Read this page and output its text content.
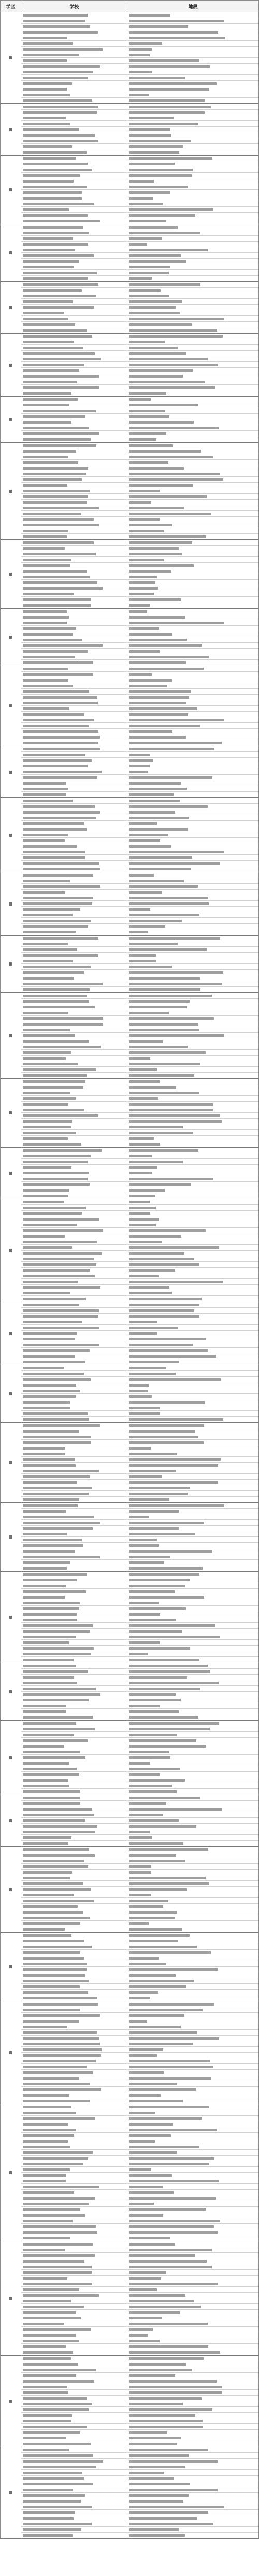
学区	学校	地段
